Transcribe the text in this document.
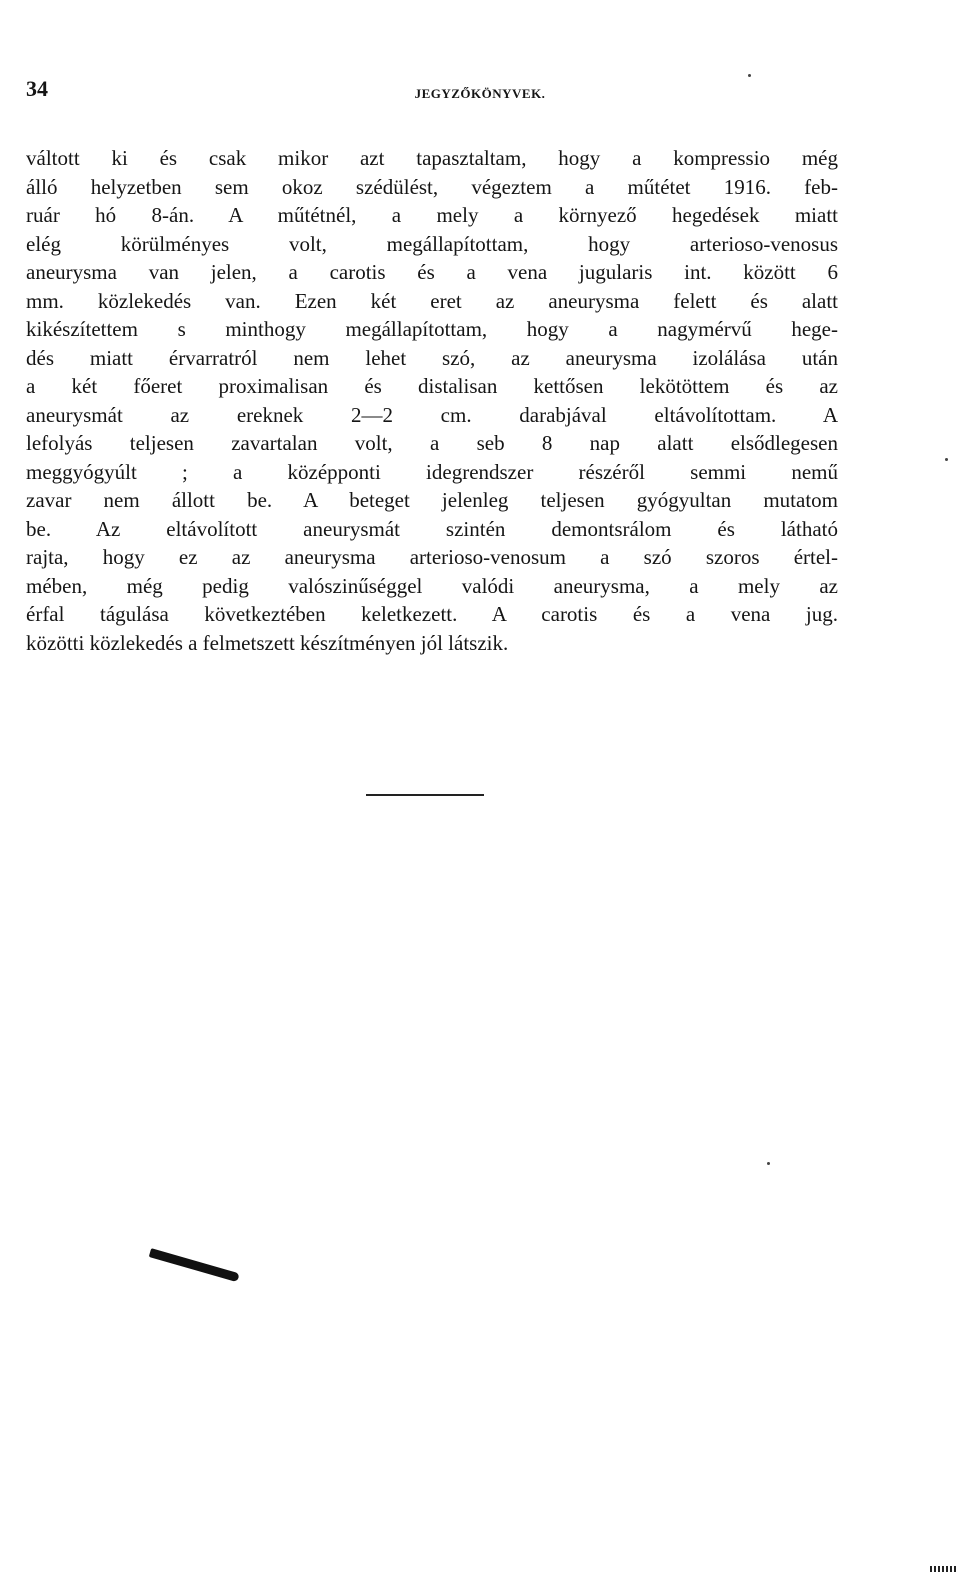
34	JEGYZŐKÖNYVEK.
váltott ki és csak mikor azt tapasztaltam, hogy a kompressio még
álló helyzetben sem okoz szédülést, végeztem a műtétet 1916. feb-
ruár hó 8-án. A műtétnél, a mely a környező hegedések miatt
elég körülményes volt, megállapítottam, hogy arterioso-venosus
aneurysma van jelen, a carotis és a vena jugularis int. között 6
mm. közlekedés van. Ezen két eret az aneurysma felett és alatt
kikészítettem s minthogy megállapítottam, hogy a nagymérvű hege-
dés miatt érvarratról nem lehet szó, az aneurysma izolálása után
a két főeret proximalisan és distalisan kettősen lekötöttem és az
aneurysmát az ereknek 2—2 cm. darabjával eltávolítottam. A
lefolyás teljesen zavartalan volt, a seb 8 nap alatt elsődlegesen
meggyógyúlt ; a középponti idegrendszer részéről semmi nemű
zavar nem állott be. A beteget jelenleg teljesen gyógyultan mutatom
be. Az eltávolított aneurysmát szintén demontsrálom és látható
rajta, hogy ez az aneurysma arterioso-venosum a szó szoros értel-
mében, még pedig valószinűséggel valódi aneurysma, a mely az
érfal tágulása következtében keletkezett. A carotis és a vena jug.
közötti közlekedés a felmetszett készítményen jól látszik.
